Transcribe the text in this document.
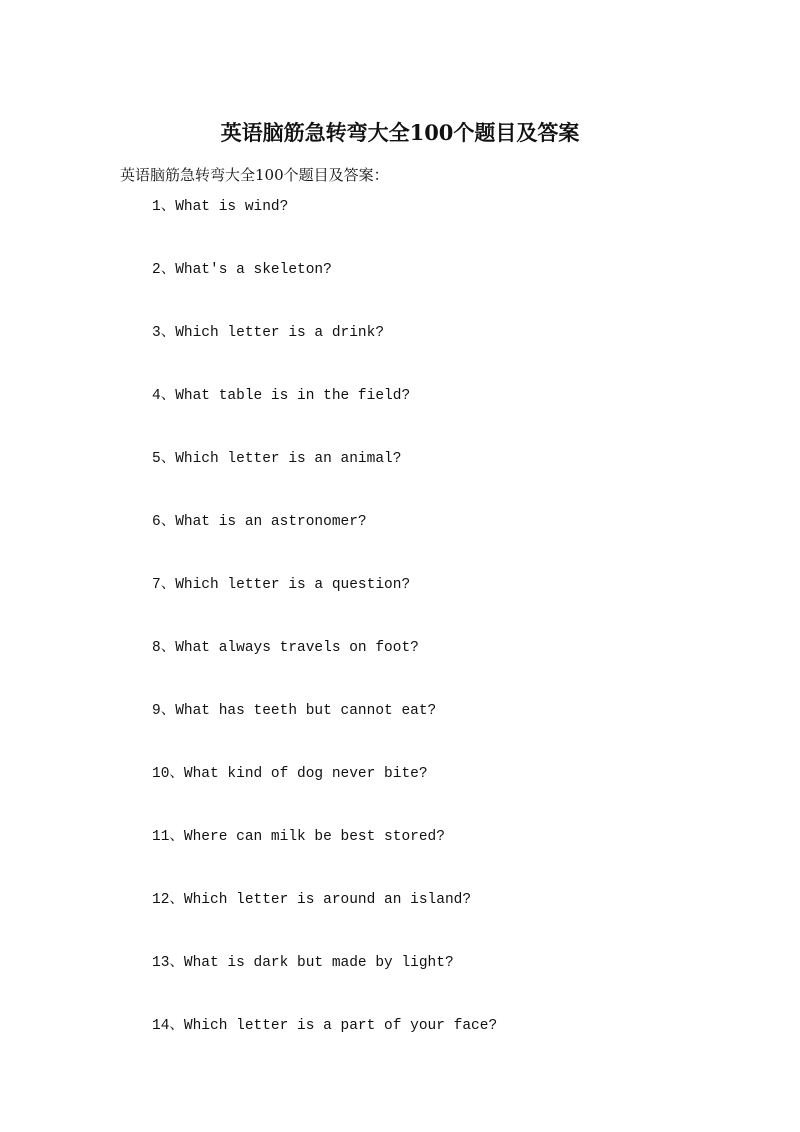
英语脑筋急转弯大全100个题目及答案

英语脑筋急转弯大全100个题目及答案：

1、What is wind?
2、What's a skeleton?
3、Which letter is a drink?
4、What table is in the field?
5、Which letter is an animal?
6、What is an astronomer?
7、Which letter is a question?
8、What always travels on foot?
9、What has teeth but cannot eat?
10、What kind of dog never bite?
11、Where can milk be best stored?
12、Which letter is around an island?
13、What is dark but made by light?
14、Which letter is a part of your face?
